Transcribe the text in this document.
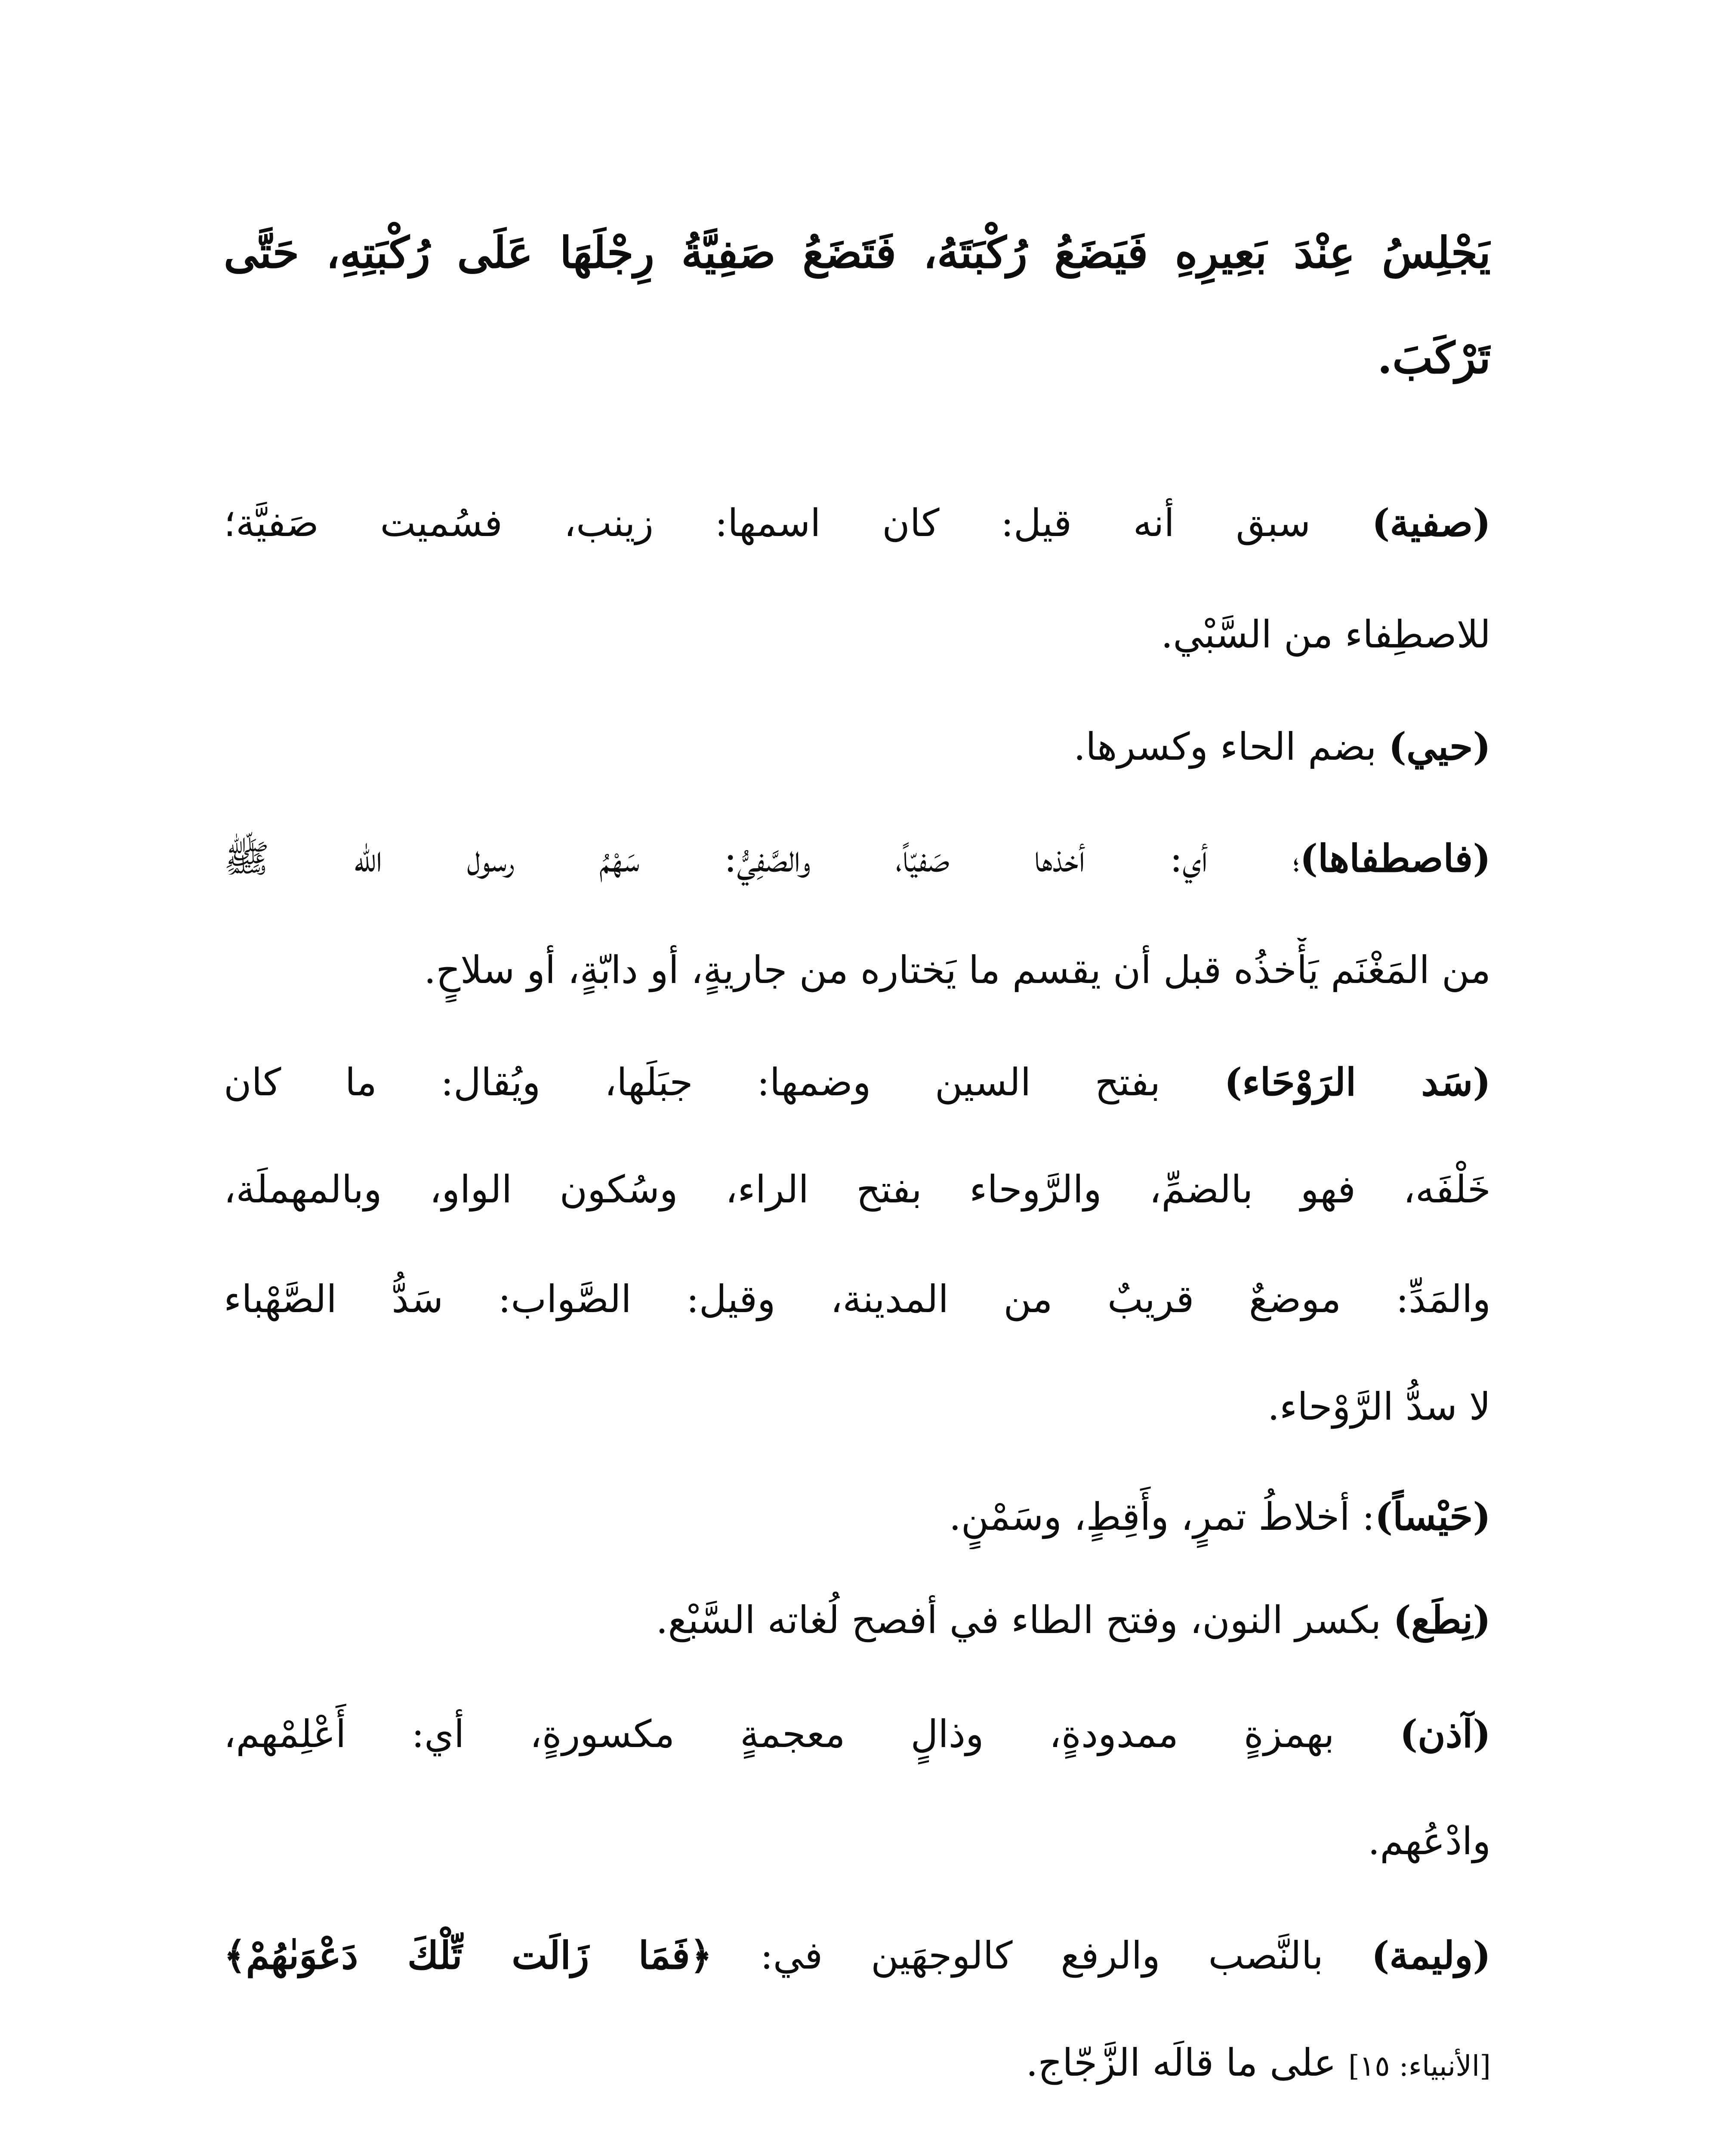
يَجْلِسُ عِنْدَ بَعِيرِهِ فَيَضَعُ رُكْبَتَهُ، فَتَضَعُ صَفِيَّةُ رِجْلَهَا عَلَى رُكْبَتِهِ، حَتَّى
تَرْكَبَ.
(صفية) سبق أنه قيل: كان اسمها: زينب، فسُميت صَفيَّة؛
للاصطِفاء من السَّبْي.
(حيي) بضم الحاء وكسرها.
(فاصطفاها)؛ أي: أخذها صَفيّاً، والصَّفِيُّ: سَهْمُ رسول الله ﷺ
من المَغْنَم يَأْخذُه قبل أن يقسم ما يَختاره من جاريةٍ، أو دابّةٍ، أو سلاحٍ.
(سَد الرَوْحَاء) بفتح السين وضمها: جبَلَها، ويُقال: ما كان
خَلْفَه، فهو بالضمِّ، والرَّوحاء بفتح الراء، وسُكون الواو، وبالمهملَة،
والمَدِّ: موضعٌ قريبٌ من المدينة، وقيل: الصَّواب: سَدُّ الصَّهْباء
لا سدُّ الرَّوْحاء.
(حَيْساً): أخلاطُ تمرٍ، وأَقِطٍ، وسَمْنٍ.
(نِطَع) بكسر النون، وفتح الطاء في أفصح لُغاته السَّبْع.
(آذن) بهمزةٍ ممدودةٍ، وذالٍ معجمةٍ مكسورةٍ، أي: أَعْلِمْهم،
وادْعُهم.
(وليمة) بالنَّصب والرفع كالوجهَين في: ﴿فَمَا زَالَت تِّلْكَ دَعْوَىٰهُمْ﴾
[الأنبياء: ١٥] على ما قالَه الزَّجّاج.
